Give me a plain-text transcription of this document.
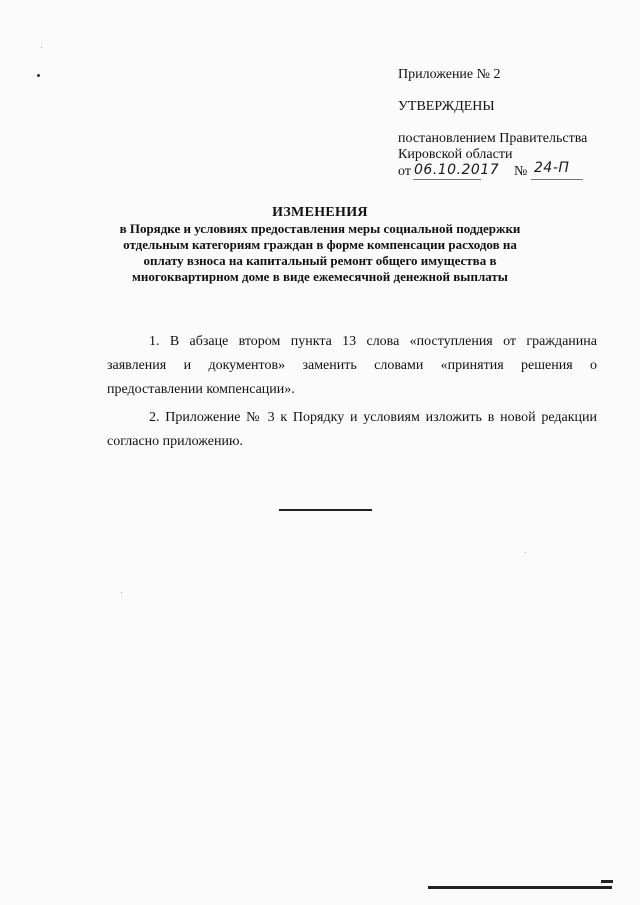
Приложение № 2
УТВЕРЖДЕНЫ
постановлением Правительства
Кировской области
от 06.10.2017 № 24-П
ИЗМЕНЕНИЯ
в Порядке и условиях предоставления меры социальной поддержки
отдельным категориям граждан в форме компенсации расходов на
оплату взноса на капитальный ремонт общего имущества в
многоквартирном доме в виде ежемесячной денежной выплаты
1. В абзаце втором пункта 13 слова «поступления от гражданина
заявления и документов» заменить словами «принятия решения о
предоставлении компенсации».
2. Приложение № 3 к Порядку и условиям изложить в новой редакции
согласно приложению.
